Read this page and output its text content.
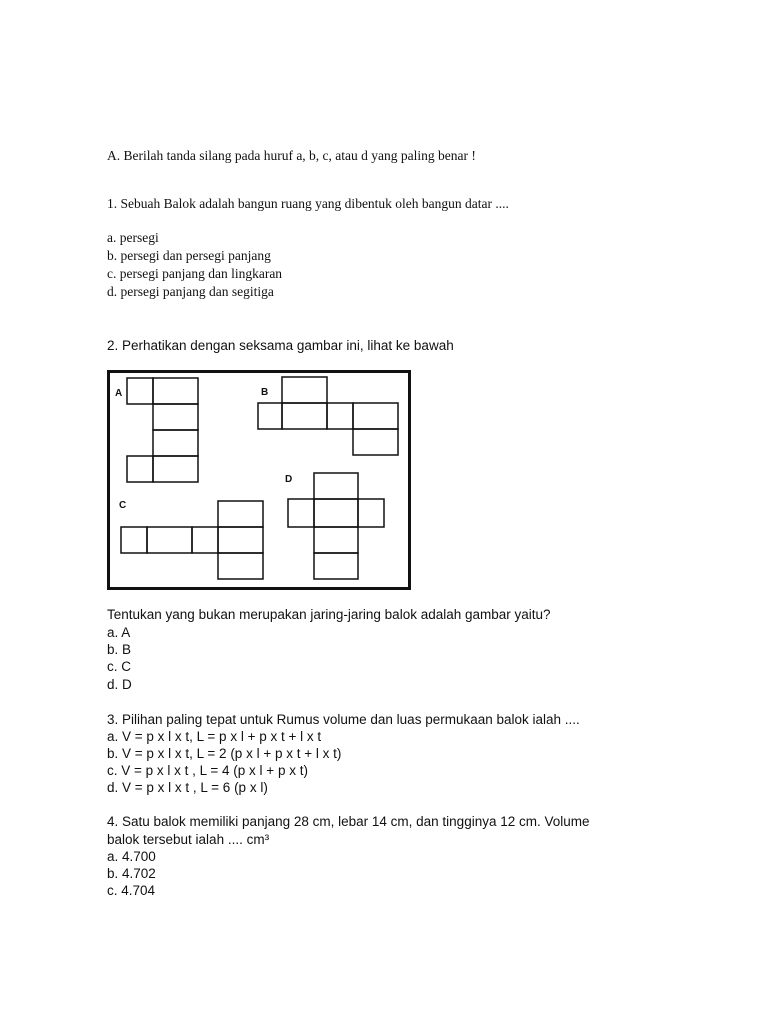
A. Berilah tanda silang pada huruf a, b, c, atau d yang paling benar !
1. Sebuah Balok adalah bangun ruang yang dibentuk oleh bangun datar ....
a. persegi
b. persegi dan persegi panjang
c. persegi panjang dan lingkaran
d. persegi panjang dan segitiga
2. Perhatikan dengan seksama gambar ini, lihat ke bawah
A	B
C
D
Tentukan yang bukan merupakan jaring-jaring balok adalah gambar yaitu?
a. A
b. B
c. C
d. D
3. Pilihan paling tepat untuk Rumus volume dan luas permukaan balok ialah ....
a. V = p x l x t, L = p x l + p x t + l x t
b. V = p x l x t, L = 2 (p x l + p x t + l x t)
c. V = p x l x t , L = 4 (p x l + p x t)
d. V = p x l x t , L = 6 (p x l)
4. Satu balok memiliki panjang 28 cm, lebar 14 cm, dan tingginya 12 cm. Volume
balok tersebut ialah .... cm³
a. 4.700
b. 4.702
c. 4.704
